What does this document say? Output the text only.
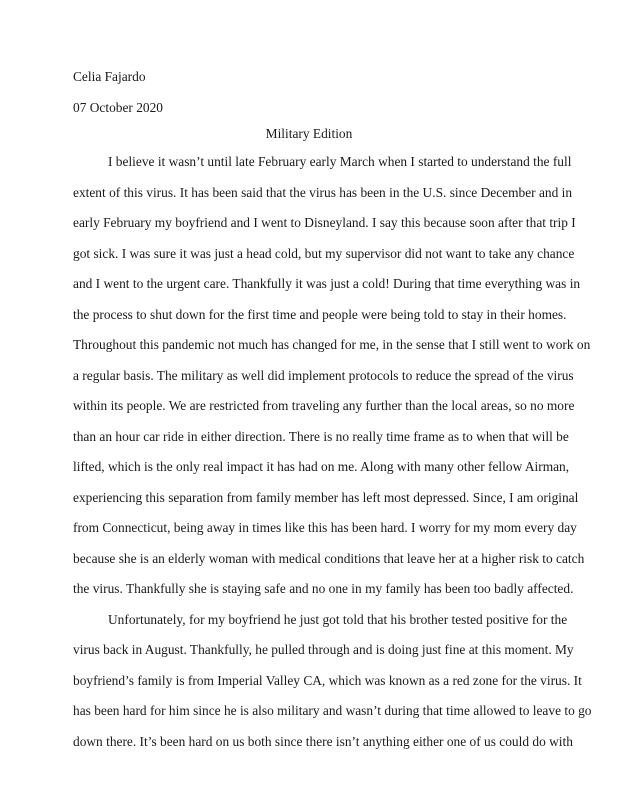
Celia Fajardo
07 October 2020
Military Edition
I believe it wasn’t until late February early March when I started to understand the full
extent of this virus. It has been said that the virus has been in the U.S. since December and in
early February my boyfriend and I went to Disneyland. I say this because soon after that trip I
got sick. I was sure it was just a head cold, but my supervisor did not want to take any chance
and I went to the urgent care. Thankfully it was just a cold! During that time everything was in
the process to shut down for the first time and people were being told to stay in their homes.
Throughout this pandemic not much has changed for me, in the sense that I still went to work on
a regular basis. The military as well did implement protocols to reduce the spread of the virus
within its people. We are restricted from traveling any further than the local areas, so no more
than an hour car ride in either direction. There is no really time frame as to when that will be
lifted, which is the only real impact it has had on me. Along with many other fellow Airman,
experiencing this separation from family member has left most depressed. Since, I am original
from Connecticut, being away in times like this has been hard. I worry for my mom every day
because she is an elderly woman with medical conditions that leave her at a higher risk to catch
the virus. Thankfully she is staying safe and no one in my family has been too badly affected.
Unfortunately, for my boyfriend he just got told that his brother tested positive for the
virus back in August. Thankfully, he pulled through and is doing just fine at this moment. My
boyfriend’s family is from Imperial Valley CA, which was known as a red zone for the virus. It
has been hard for him since he is also military and wasn’t during that time allowed to leave to go
down there. It’s been hard on us both since there isn’t anything either one of us could do with
